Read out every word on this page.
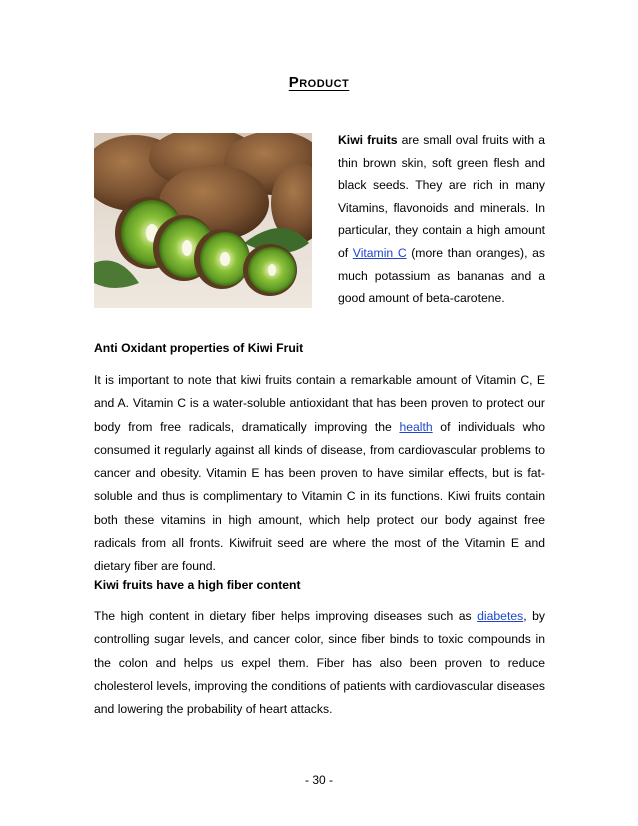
Product
Kiwi fruits are small oval fruits with a thin brown skin, soft green flesh and black seeds. They are rich in many Vitamins, flavonoids and minerals. In particular, they contain a high amount of Vitamin C (more than oranges), as much potassium as bananas and a good amount of beta-carotene.
Anti Oxidant properties of Kiwi Fruit
It is important to note that kiwi fruits contain a remarkable amount of Vitamin C, E and A. Vitamin C is a water-soluble antioxidant that has been proven to protect our body from free radicals, dramatically improving the health of individuals who consumed it regularly against all kinds of disease, from cardiovascular problems to cancer and obesity. Vitamin E has been proven to have similar effects, but is fat-soluble and thus is complimentary to Vitamin C in its functions. Kiwi fruits contain both these vitamins in high amount, which help protect our body against free radicals from all fronts. Kiwifruit seed are where the most of the Vitamin E and dietary fiber are found.
Kiwi fruits have a high fiber content
The high content in dietary fiber helps improving diseases such as diabetes, by controlling sugar levels, and cancer color, since fiber binds to toxic compounds in the colon and helps us expel them. Fiber has also been proven to reduce cholesterol levels, improving the conditions of patients with cardiovascular diseases and lowering the probability of heart attacks.
- 30 -
